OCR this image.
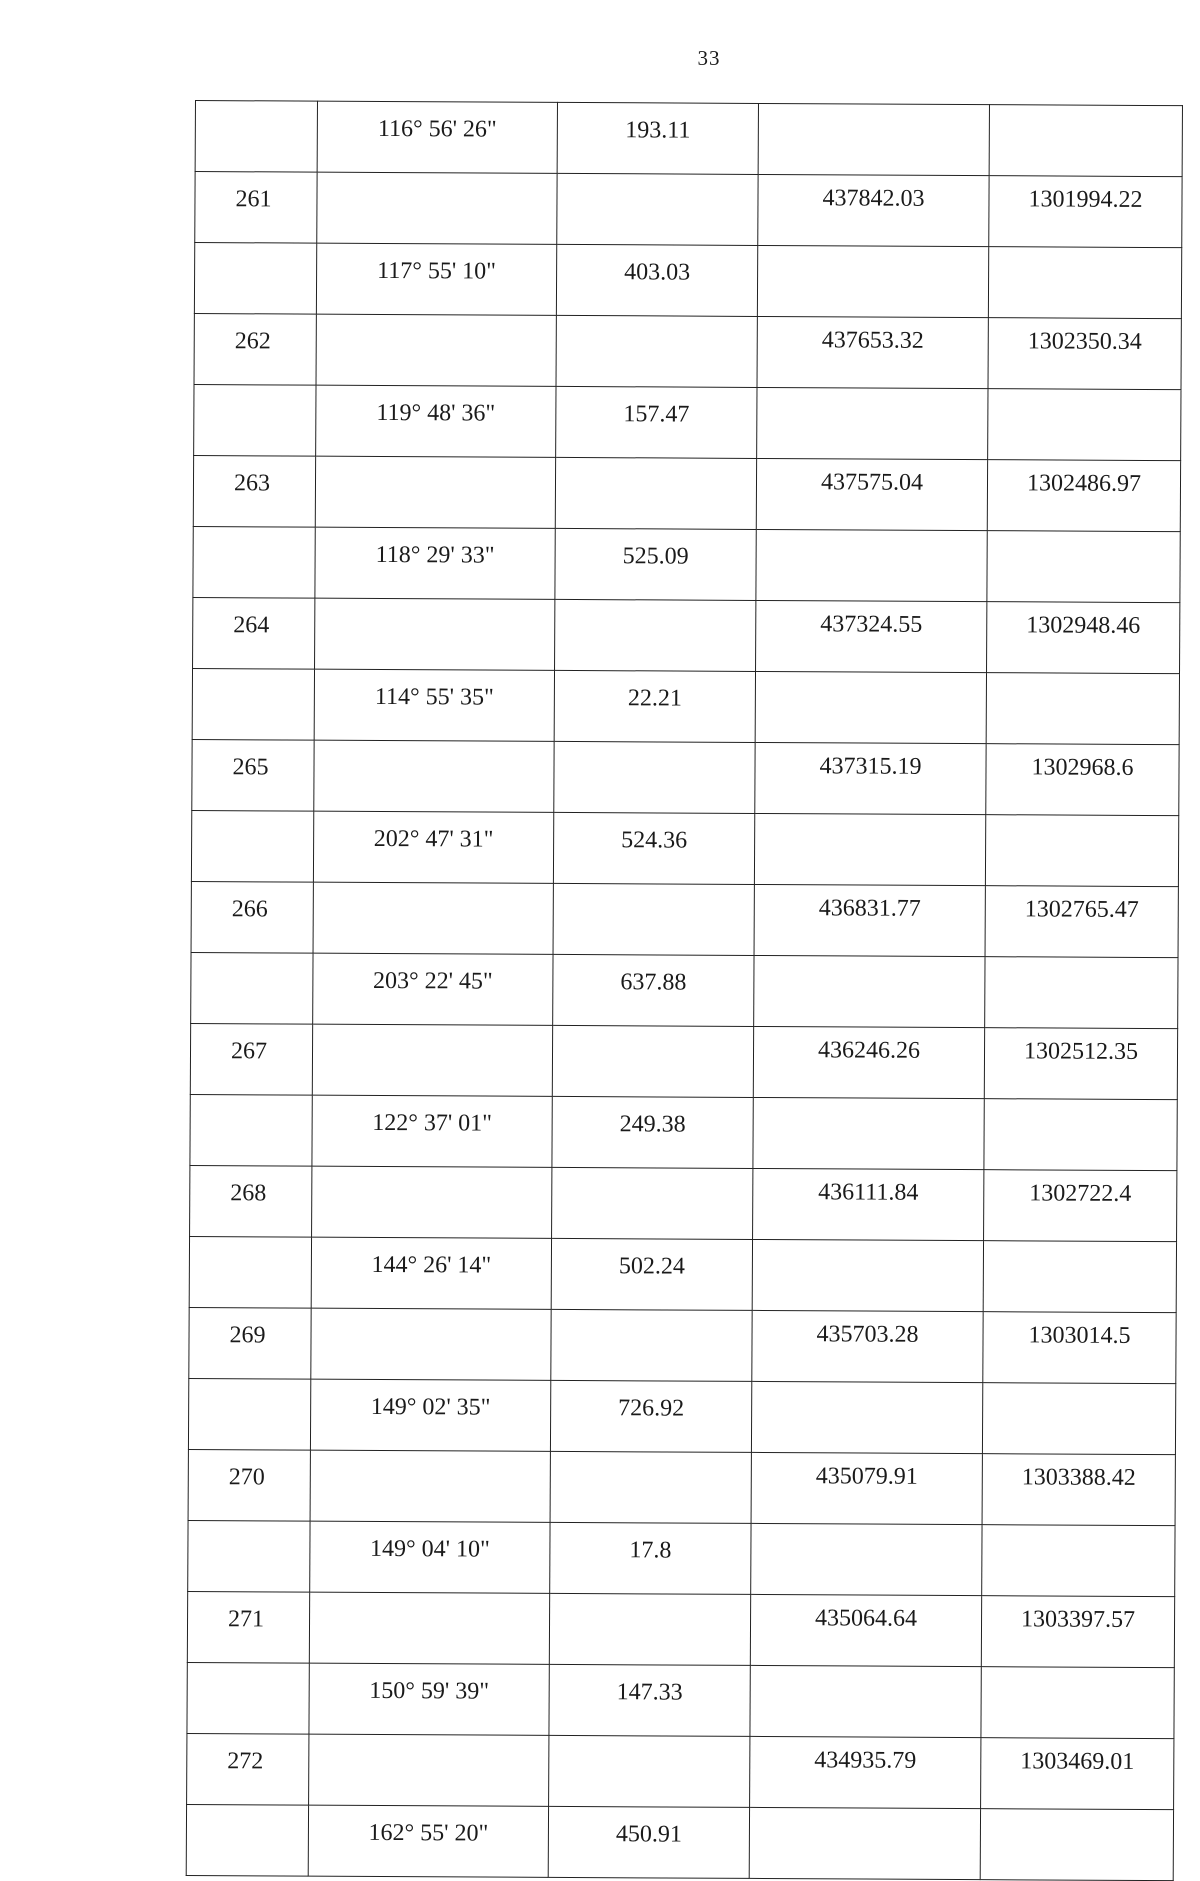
33
	116° 56' 26"	193.11		
261			437842.03	1301994.22
	117° 55' 10"	403.03		
262			437653.32	1302350.34
	119° 48' 36"	157.47		
263			437575.04	1302486.97
	118° 29' 33"	525.09		
264			437324.55	1302948.46
	114° 55' 35"	22.21		
265			437315.19	1302968.6
	202° 47' 31"	524.36		
266			436831.77	1302765.47
	203° 22' 45"	637.88		
267			436246.26	1302512.35
	122° 37' 01"	249.38		
268			436111.84	1302722.4
	144° 26' 14"	502.24		
269			435703.28	1303014.5
	149° 02' 35"	726.92		
270			435079.91	1303388.42
	149° 04' 10"	17.8		
271			435064.64	1303397.57
	150° 59' 39"	147.33		
272			434935.79	1303469.01
	162° 55' 20"	450.91		
